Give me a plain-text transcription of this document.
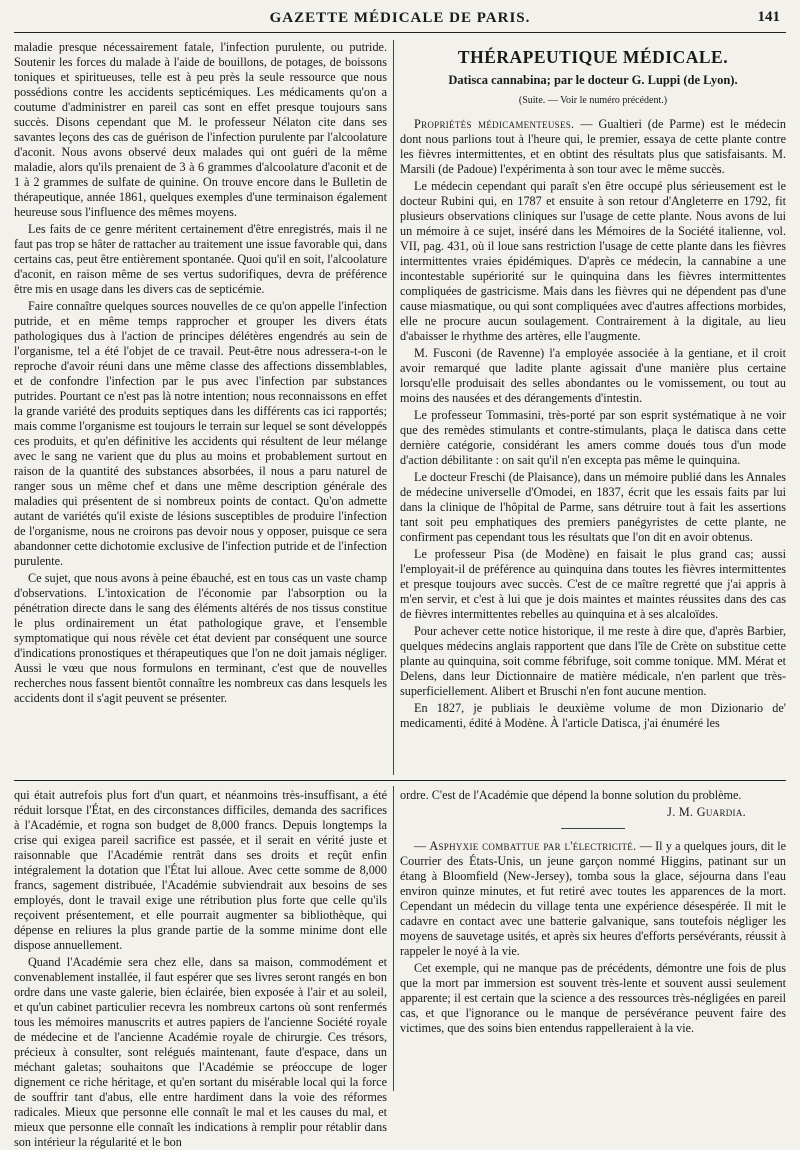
GAZETTE MÉDICALE DE PARIS.	141

maladie presque nécessairement fatale, l'infection purulente, ou putride. Soutenir les forces du malade à l'aide de bouillons, de potages, de boissons toniques et spiritueuses, telle est à peu près la seule ressource que nous possédions contre les accidents septicémiques. Les médicaments qu'on a coutume d'administrer en pareil cas sont en effet presque toujours sans succès. Disons cependant que M. le professeur Nélaton cite dans ses savantes leçons des cas de guérison de l'infection purulente par l'alcoolature d'aconit. Nous avons observé deux malades qui ont guéri de la même maladie, alors qu'ils prenaient de 3 à 6 grammes d'alcoolature d'aconit et de 1 à 2 grammes de sulfate de quinine. On trouve encore dans le Bulletin de thérapeutique, année 1861, quelques exemples d'une terminaison également heureuse sous l'influence des mêmes moyens.

Les faits de ce genre méritent certainement d'être enregistrés, mais il ne faut pas trop se hâter de rattacher au traitement une issue favorable qui, dans certains cas, peut être entièrement spontanée. Quoi qu'il en soit, l'alcoolature d'aconit, en raison même de ses vertus sudorifiques, devra de préférence être mis en usage dans les divers cas de septicémie.

Faire connaître quelques sources nouvelles de ce qu'on appelle l'infection putride, et en même temps rapprocher et grouper les divers états pathologiques dus à l'action de principes délétères engendrés au sein de l'organisme, tel a été l'objet de ce travail. Peut-être nous adressera-t-on le reproche d'avoir réuni dans une même classe des affections dissemblables, et de confondre l'infection par le pus avec l'infection par substances putrides. Pourtant ce n'est pas là notre intention; nous reconnaissons en effet la grande variété des produits septiques dans les différents cas ici rapportés; mais comme l'organisme est toujours le terrain sur lequel se sont développés ces produits, et qu'en définitive les accidents qui résultent de leur mélange avec le sang ne varient que du plus au moins et probablement surtout en raison de la quantité des substances absorbées, il nous a paru naturel de ranger sous un même chef et dans une même description générale des maladies qui présentent de si nombreux points de contact. Qu'on admette autant de variétés qu'il existe de lésions susceptibles de produire l'infection de l'organisme, nous ne croirons pas devoir nous y opposer, puisque ce sera abandonner cette dichotomie exclusive de l'infection putride et de l'infection purulente.

Ce sujet, que nous avons à peine ébauché, est en tous cas un vaste champ d'observations. L'intoxication de l'économie par l'absorption ou la pénétration directe dans le sang des éléments altérés de nos tissus constitue le plus ordinairement un état pathologique grave, et l'ensemble symptomatique qui nous révèle cet état devient par conséquent une source d'indications pronostiques et thérapeutiques que l'on ne doit jamais négliger. Aussi le vœu que nous formulons en terminant, c'est que de nouvelles recherches nous fassent bientôt connaître les nombreux cas dans lesquels les accidents dont il s'agit peuvent se présenter.

THÉRAPEUTIQUE MÉDICALE.
Datisca cannabina; par le docteur G. Luppi (de Lyon).
(Suite. — Voir le numéro précédent.)

Propriétés médicamenteuses. — Gualtieri (de Parme) est le médecin dont nous parlions tout à l'heure qui, le premier, essaya de cette plante contre les fièvres intermittentes, et en obtint des résultats plus que satisfaisants. M. Marsili (de Padoue) l'expérimenta à son tour avec le même succès.

Le médecin cependant qui paraît s'en être occupé plus sérieusement est le docteur Rubini qui, en 1787 et ensuite à son retour d'Angleterre en 1792, fit plusieurs observations cliniques sur l'usage de cette plante. Nous avons de lui un mémoire à ce sujet, inséré dans les Mémoires de la Société italienne, vol. VII, pag. 431, où il loue sans restriction l'usage de cette plante dans les fièvres intermittentes vraies épidémiques. D'après ce médecin, la cannabine a une incontestable supériorité sur le quinquina dans les fièvres intermittentes compliquées de gastricisme. Mais dans les fièvres qui ne dépendent pas d'une cause miasmatique, ou qui sont compliquées avec d'autres affections morbides, elle ne procure aucun soulagement. Contrairement à la digitale, au lieu d'abaisser le rhythme des artères, elle l'augmente.

M. Fusconi (de Ravenne) l'a employée associée à la gentiane, et il croit avoir remarqué que ladite plante agissait d'une manière plus certaine lorsqu'elle produisait des selles abondantes ou le vomissement, ou tout au moins des nausées et des dérangements d'intestin.

Le professeur Tommasini, très-porté par son esprit systématique à ne voir que des remèdes stimulants et contre-stimulants, plaça le datisca dans cette dernière catégorie, considérant les amers comme doués tous d'un mode d'action débilitante : on sait qu'il n'en excepta pas même le quinquina.

Le docteur Freschi (de Plaisance), dans un mémoire publié dans les Annales de médecine universelle d'Omodei, en 1837, écrit que les essais faits par lui dans la clinique de l'hôpital de Parme, sans détruire tout à fait les assertions tant soit peu emphatiques des premiers panégyristes de cette plante, ne confirment pas cependant tous les résultats que l'on dit en avoir obtenus.

Le professeur Pisa (de Modène) en faisait le plus grand cas; aussi l'employait-il de préférence au quinquina dans toutes les fièvres intermittentes et presque toujours avec succès. C'est de ce maître regretté que j'ai appris à m'en servir, et c'est à lui que je dois maintes et maintes réussites dans des cas de fièvres intermittentes rebelles au quinquina et à ses alcaloïdes.

Pour achever cette notice historique, il me reste à dire que, d'après Barbier, quelques médecins anglais rapportent que dans l'île de Crète on substitue cette plante au quinquina, soit comme fébrifuge, soit comme tonique. MM. Mérat et Delens, dans leur Dictionnaire de matière médicale, n'en parlent que très-superficiellement. Alibert et Bruschi n'en font aucune mention.

En 1827, je publiais le deuxième volume de mon Dizionario de' medicamenti, édité à Modène. À l'article Datisca, j'ai énuméré les

qui était autrefois plus fort d'un quart, et néanmoins très-insuffisant, a été réduit lorsque l'État, en des circonstances difficiles, demanda des sacrifices à l'Académie, et rogna son budget de 8,000 francs. Depuis longtemps la crise qui exigea pareil sacrifice est passée, et il serait en vérité juste et raisonnable que l'Académie rentrât dans ses droits et reçût enfin intégralement la dotation que l'État lui alloue. Avec cette somme de 8,000 francs, sagement distribuée, l'Académie subviendrait aux besoins de ses employés, dont le travail exige une rétribution plus forte que celle qu'ils reçoivent présentement, et elle pourrait augmenter sa bibliothèque, qui dépense en reliures la plus grande partie de la somme minime dont elle dispose annuellement.

Quand l'Académie sera chez elle, dans sa maison, commodément et convenablement installée, il faut espérer que ses livres seront rangés en bon ordre dans une vaste galerie, bien éclairée, bien exposée à l'air et au soleil, et qu'un cabinet particulier recevra les nombreux cartons où sont renfermés tous les mémoires manuscrits et autres papiers de l'ancienne Société royale de médecine et de l'ancienne Académie royale de chirurgie. Ces trésors, précieux à consulter, sont relégués maintenant, faute d'espace, dans un méchant galetas; souhaitons que l'Académie se préoccupe de loger dignement ce riche héritage, et qu'en sortant du misérable local qui la force de souffrir tant d'abus, elle entre hardiment dans la voie des réformes radicales. Mieux que personne elle connaît le mal et les causes du mal, et mieux que personne elle connaît les indications à remplir pour rétablir dans son intérieur la régularité et le bon

ordre. C'est de l'Académie que dépend la bonne solution du problème.

J. M. Guardia.

— Asphyxie combattue par l'électricité. — Il y a quelques jours, dit le Courrier des États-Unis, un jeune garçon nommé Higgins, patinant sur un étang à Bloomfield (New-Jersey), tomba sous la glace, séjourna dans l'eau environ quinze minutes, et fut retiré avec toutes les apparences de la mort. Cependant un médecin du village tenta une expérience désespérée. Il mit le cadavre en contact avec une batterie galvanique, sans toutefois négliger les moyens de sauvetage usités, et après six heures d'efforts persévérants, réussit à rappeler le noyé à la vie.

Cet exemple, qui ne manque pas de précédents, démontre une fois de plus que la mort par immersion est souvent très-lente et souvent aussi seulement apparente; il est certain que la science a des ressources très-négligées en pareil cas, et que l'ignorance ou le manque de persévérance peuvent faire des victimes, que des soins bien entendus rappelleraient à la vie.
